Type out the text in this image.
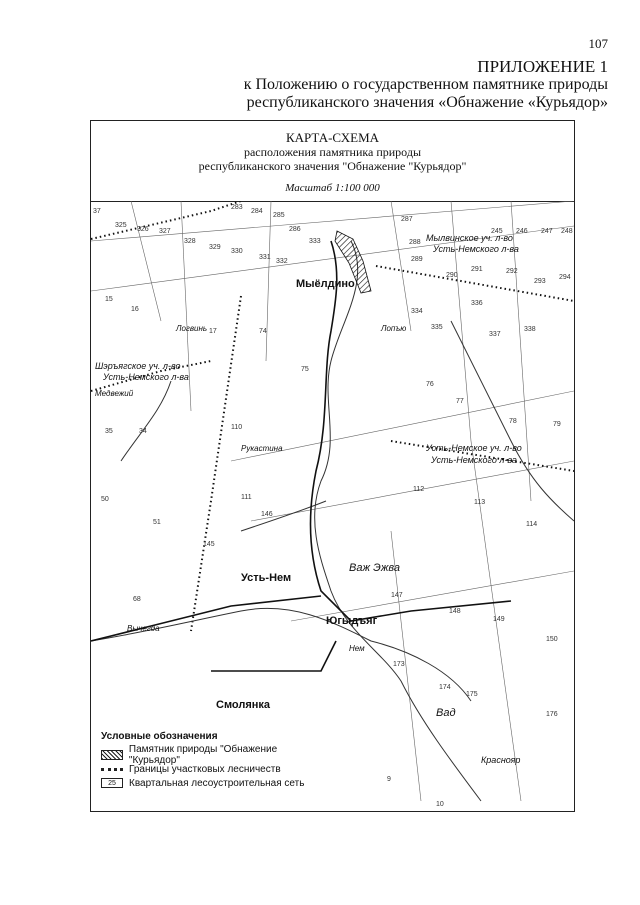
107
ПРИЛОЖЕНИЕ 1
к Положению о государственном памятнике природы
республиканского значения «Обнажение «Курьядор»
КАРТА-СХЕМА
расположения памятника природы
республиканского значения "Обнажение "Курьядор"
Масштаб 1:100 000
Мыёлдино
Усть-Нем
Югыдъяг
Смолянка
Важ Эжва
Вад
Краснояр
Мылвинское уч. л-во
Усть-Немского л-ва
Шэръягское уч. л-во
Усть-Немского л-ва
Усть-Немское уч. л-во
Усть-Немского л-ва
Рукастина
Нем
Вычегда
Лопъю
Логвинь
Медвежий
37
325
326 327
328
329
330
331
332
283
284
285
286
333
287
288
289
245 246 247 248
290
291	292
293
294
334
335
336
337
338
15
16
17	74
75
76
77
78	79
110
111
112
113
114
145
146
147
148
149
150
34
35
50
51
68
173
174
175
176
9
10
Условные обозначения
Памятник природы "Обнажение "Курьядор"
Границы участковых лесничеств
25	Квартальная лесоустроительная сеть
